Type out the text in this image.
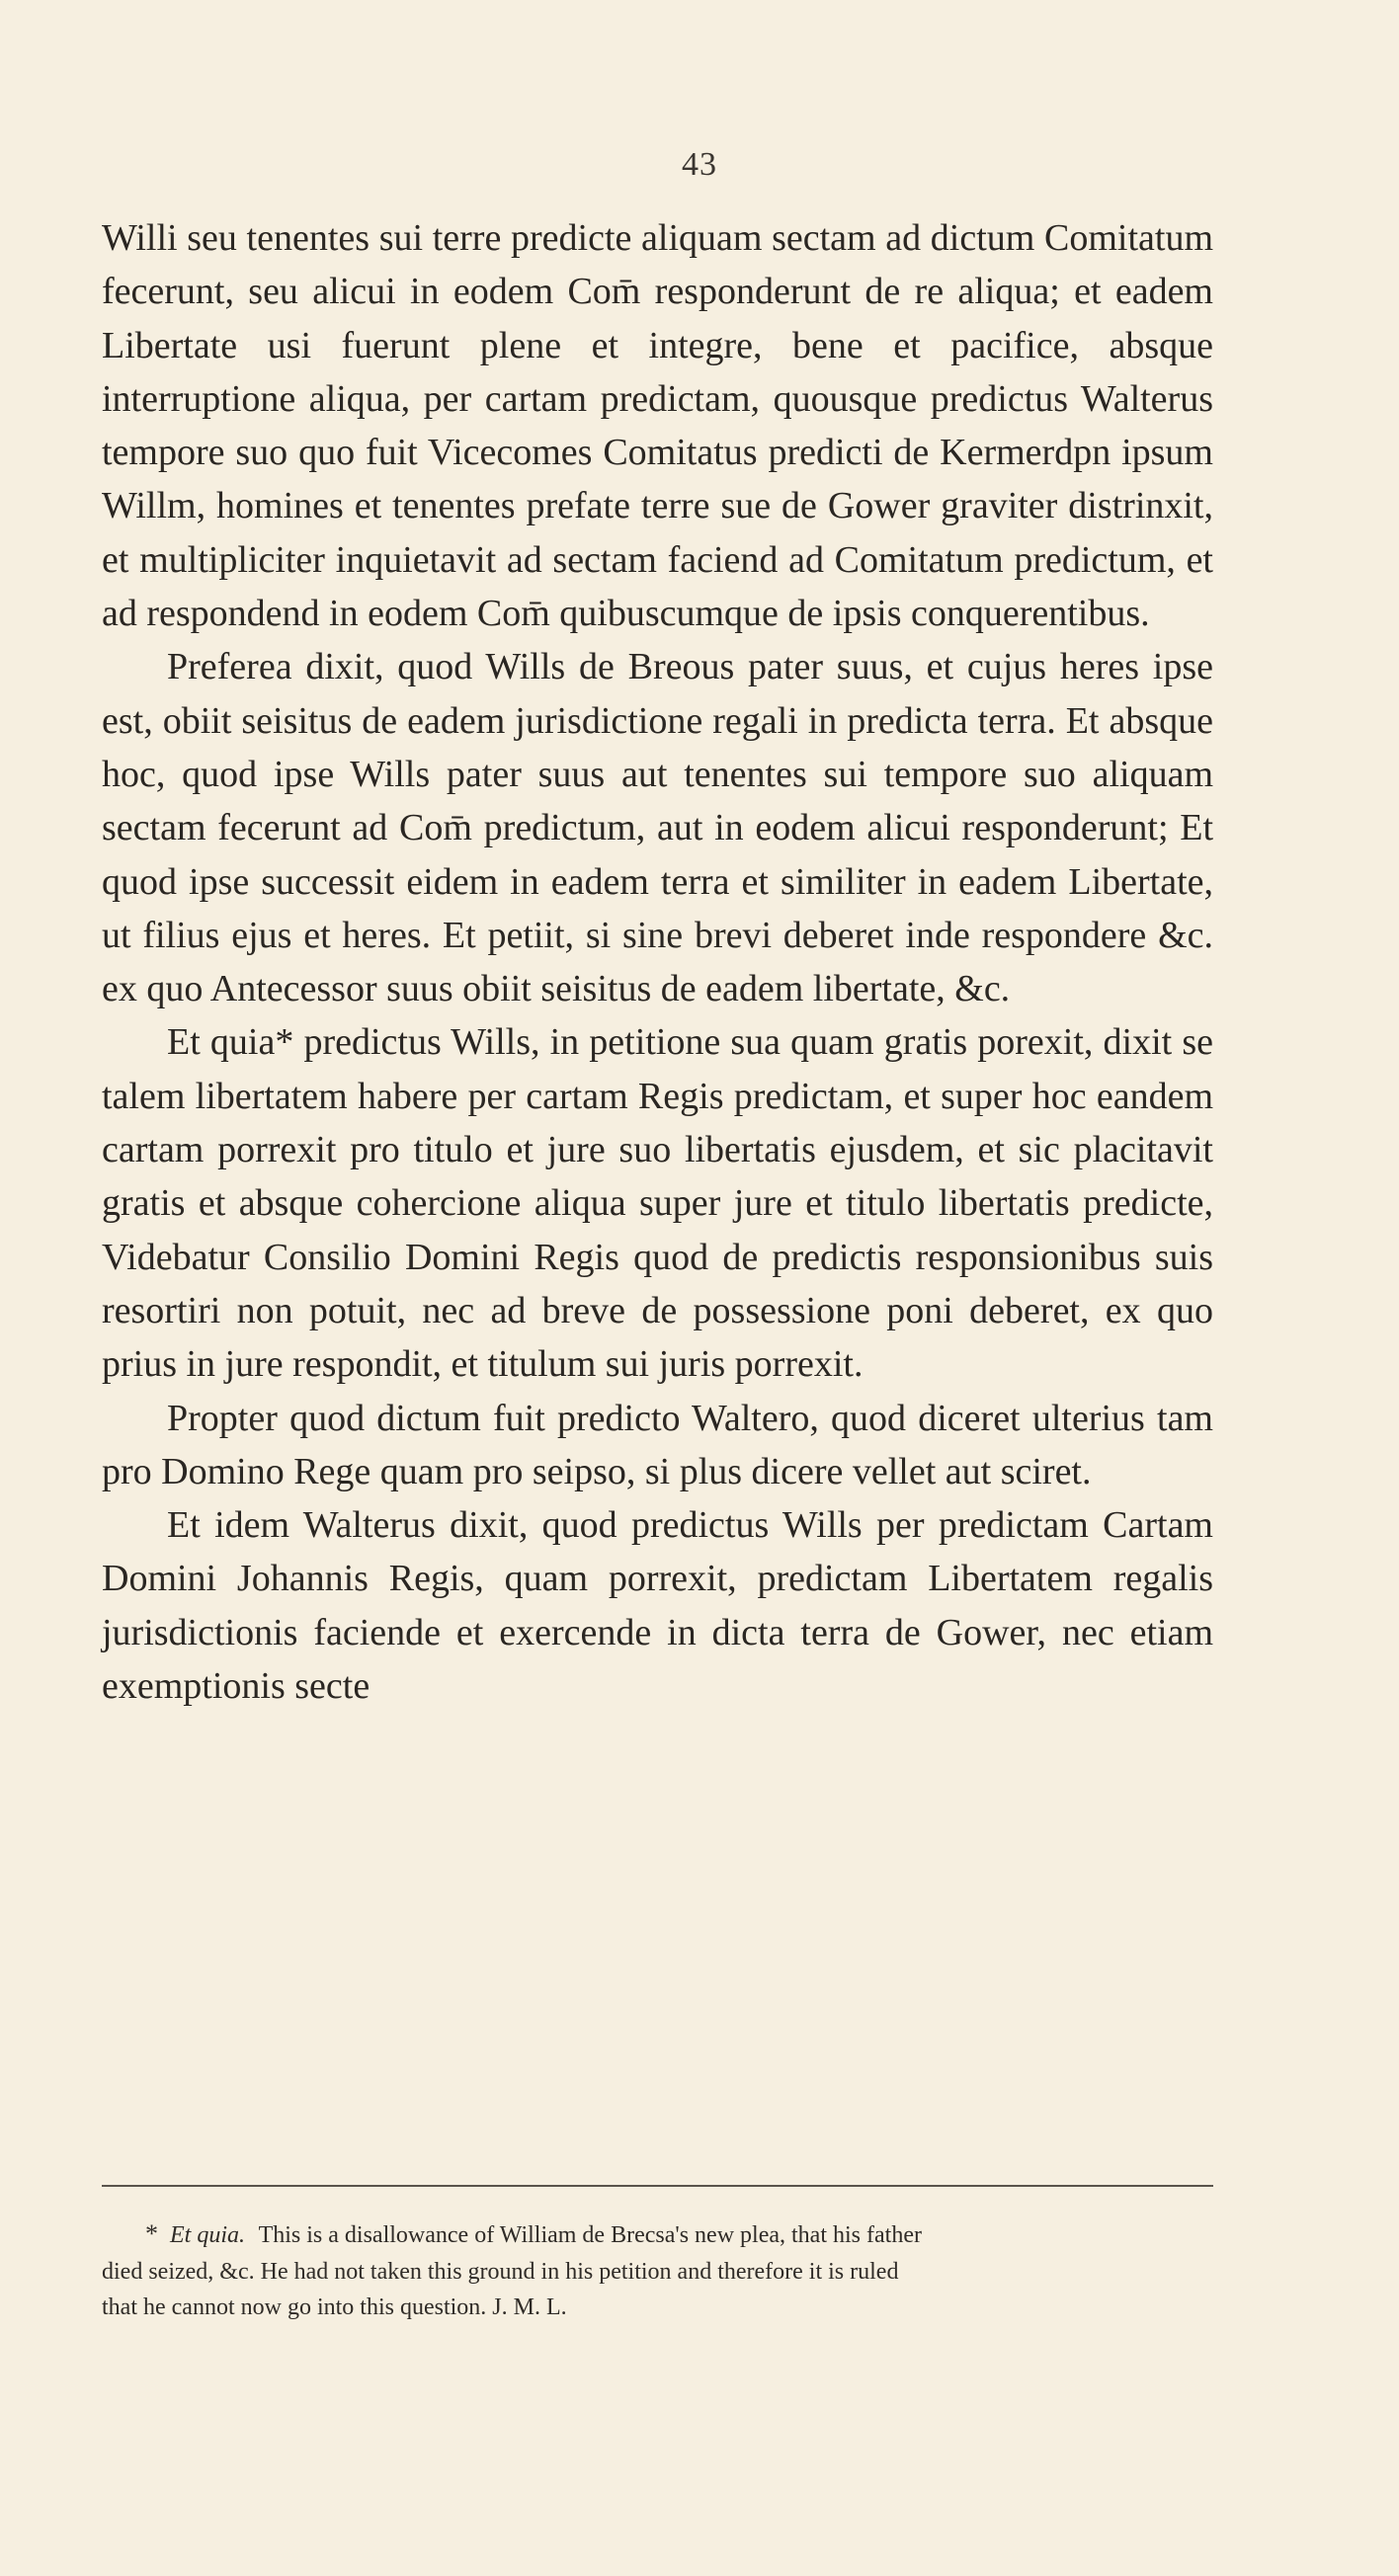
43

Willi seu tenentes sui terre predicte aliquam sectam ad dictum Comitatum fecerunt, seu alicui in eodem Com̄ responderunt de re aliqua; et eadem Libertate usi fuerunt plene et integre, bene et pacifice, absque interruptione aliqua, per cartam predictam, quousque predictus Walterus tempore suo quo fuit Vicecomes Comitatus predicti de Kermerdpn ipsum Willm, homines et tenentes prefate terre sue de Gower graviter distrinxit, et multipliciter inquietavit ad sectam faciend ad Comitatum predictum, et ad respondend in eodem Com̄ quibuscumque de ipsis conquerentibus.

Preferea dixit, quod Wills de Breous pater suus, et cujus heres ipse est, obiit seisitus de eadem jurisdictione regali in predicta terra. Et absque hoc, quod ipse Wills pater suus aut tenentes sui tempore suo aliquam sectam fecerunt ad Com̄ predictum, aut in eodem alicui responderunt; Et quod ipse successit eidem in eadem terra et similiter in eadem Libertate, ut filius ejus et heres. Et petiit, si sine brevi deberet inde respondere &c. ex quo Antecessor suus obiit seisitus de eadem libertate, &c.

Et quia* predictus Wills, in petitione sua quam gratis porexit, dixit se talem libertatem habere per cartam Regis predictam, et super hoc eandem cartam porrexit pro titulo et jure suo libertatis ejusdem, et sic placitavit gratis et absque cohercione aliqua super jure et titulo libertatis predicte, Videbatur Consilio Domini Regis quod de predictis responsionibus suis resortiri non potuit, nec ad breve de possessione poni deberet, ex quo prius in jure respondit, et titulum sui juris porrexit.

Propter quod dictum fuit predicto Waltero, quod diceret ulterius tam pro Domino Rege quam pro seipso, si plus dicere vellet aut sciret.

Et idem Walterus dixit, quod predictus Wills per predictam Cartam Domini Johannis Regis, quam porrexit, predictam Libertatem regalis jurisdictionis faciende et exercende in dicta terra de Gower, nec etiam exemptionis secte

* Et quia. This is a disallowance of William de Brecsa's new plea, that his father
died seized, &c. He had not taken this ground in his petition and therefore it is ruled
that he cannot now go into this question. J. M. L.
